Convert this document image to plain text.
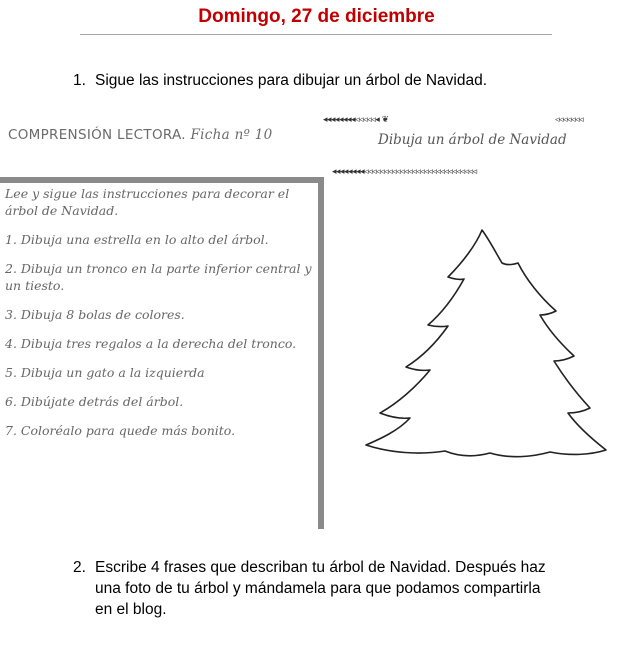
Domingo, 27 de diciembre
1. Sigue las instrucciones para dibujar un árbol de Navidad.
◂◂◂◂◂◂◂◂◃◃◃◃◃◂ ❦	◃◃◃◃◃◃◃
COMPRENSIÓN LECTORA. Ficha nº 10	Dibuja un árbol de Navidad
◂◂◂◂◂◂◂◂◃◃◃◃◃◃◃◃◃◃◃◃◃◃◃◃◃◃◃◃◃◃◃◃◃◃◃◃
Lee y sigue las instrucciones para decorar el árbol de Navidad.
1. Dibuja una estrella en lo alto del árbol.
2. Dibuja un tronco en la parte inferior central y un tiesto.
3. Dibuja 8 bolas de colores.
4. Dibuja tres regalos a la derecha del tronco.
5. Dibuja un gato a la izquierda
6. Dibújate detrás del árbol.
7. Coloréalo para quede más bonito.
2. Escribe 4 frases que describan tu árbol de Navidad. Después haz una foto de tu árbol y mándamela para que podamos compartirla en el blog.
